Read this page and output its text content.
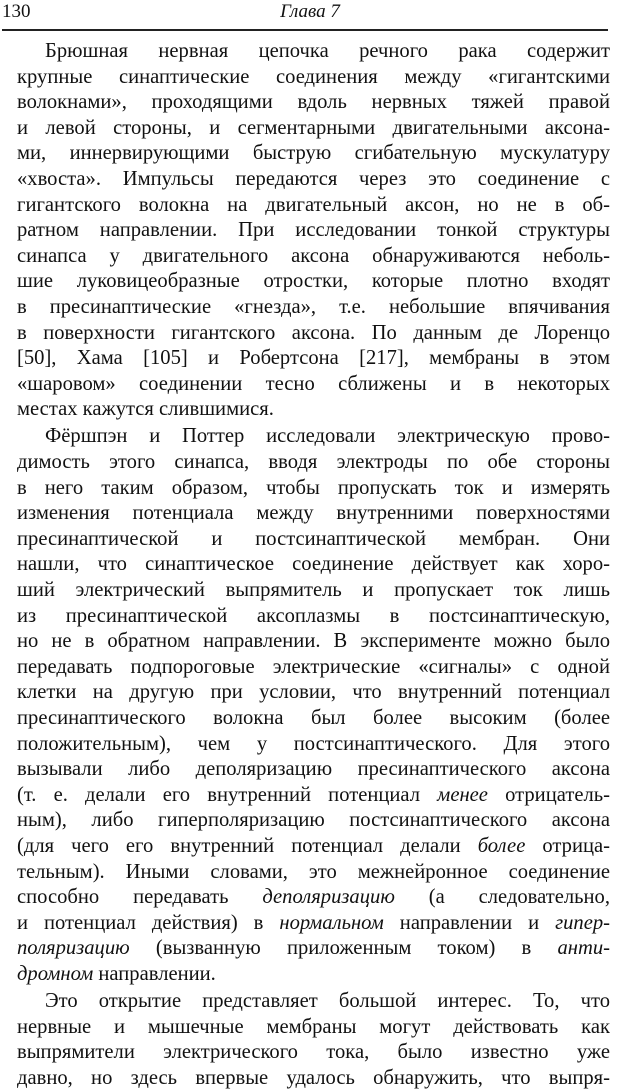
130	Глава 7
Брюшная нервная цепочка речного рака содержит
крупные синаптические соединения между «гигантскими
волокнами», проходящими вдоль нервных тяжей правой
и левой стороны, и сегментарными двигательными аксона-
ми, иннервирующими быструю сгибательную мускулатуру
«хвоста». Импульсы передаются через это соединение с
гигантского волокна на двигательный аксон, но не в об-
ратном направлении. При исследовании тонкой структуры
синапса у двигательного аксона обнаруживаются неболь-
шие луковицеобразные отростки, которые плотно входят
в пресинаптические «гнезда», т.е. небольшие впячивания
в поверхности гигантского аксона. По данным де Лоренцо
[50], Хама [105] и Робертсона [217], мембраны в этом
«шаровом» соединении тесно сближены и в некоторых
местах кажутся слившимися.
Фёршпэн и Поттер исследовали электрическую прово-
димость этого синапса, вводя электроды по обе стороны
в него таким образом, чтобы пропускать ток и измерять
изменения потенциала между внутренними поверхностями
пресинаптической и постсинаптической мембран. Они
нашли, что синаптическое соединение действует как хоро-
ший электрический выпрямитель и пропускает ток лишь
из пресинаптической аксоплазмы в постсинаптическую,
но не в обратном направлении. В эксперименте можно было
передавать подпороговые электрические «сигналы» с одной
клетки на другую при условии, что внутренний потенциал
пресинаптического волокна был более высоким (более
положительным), чем у постсинаптического. Для этого
вызывали либо деполяризацию пресинаптического аксона
(т. е. делали его внутренний потенциал менее отрицатель-
ным), либо гиперполяризацию постсинаптического аксона
(для чего его внутренний потенциал делали более отрица-
тельным). Иными словами, это межнейронное соединение
способно передавать деполяризацию (а следовательно,
и потенциал действия) в нормальном направлении и гипер-
поляризацию (вызванную приложенным током) в анти-
дромном направлении.
Это открытие представляет большой интерес. То, что
нервные и мышечные мембраны могут действовать как
выпрямители электрического тока, было известно уже
давно, но здесь впервые удалось обнаружить, что выпря-
